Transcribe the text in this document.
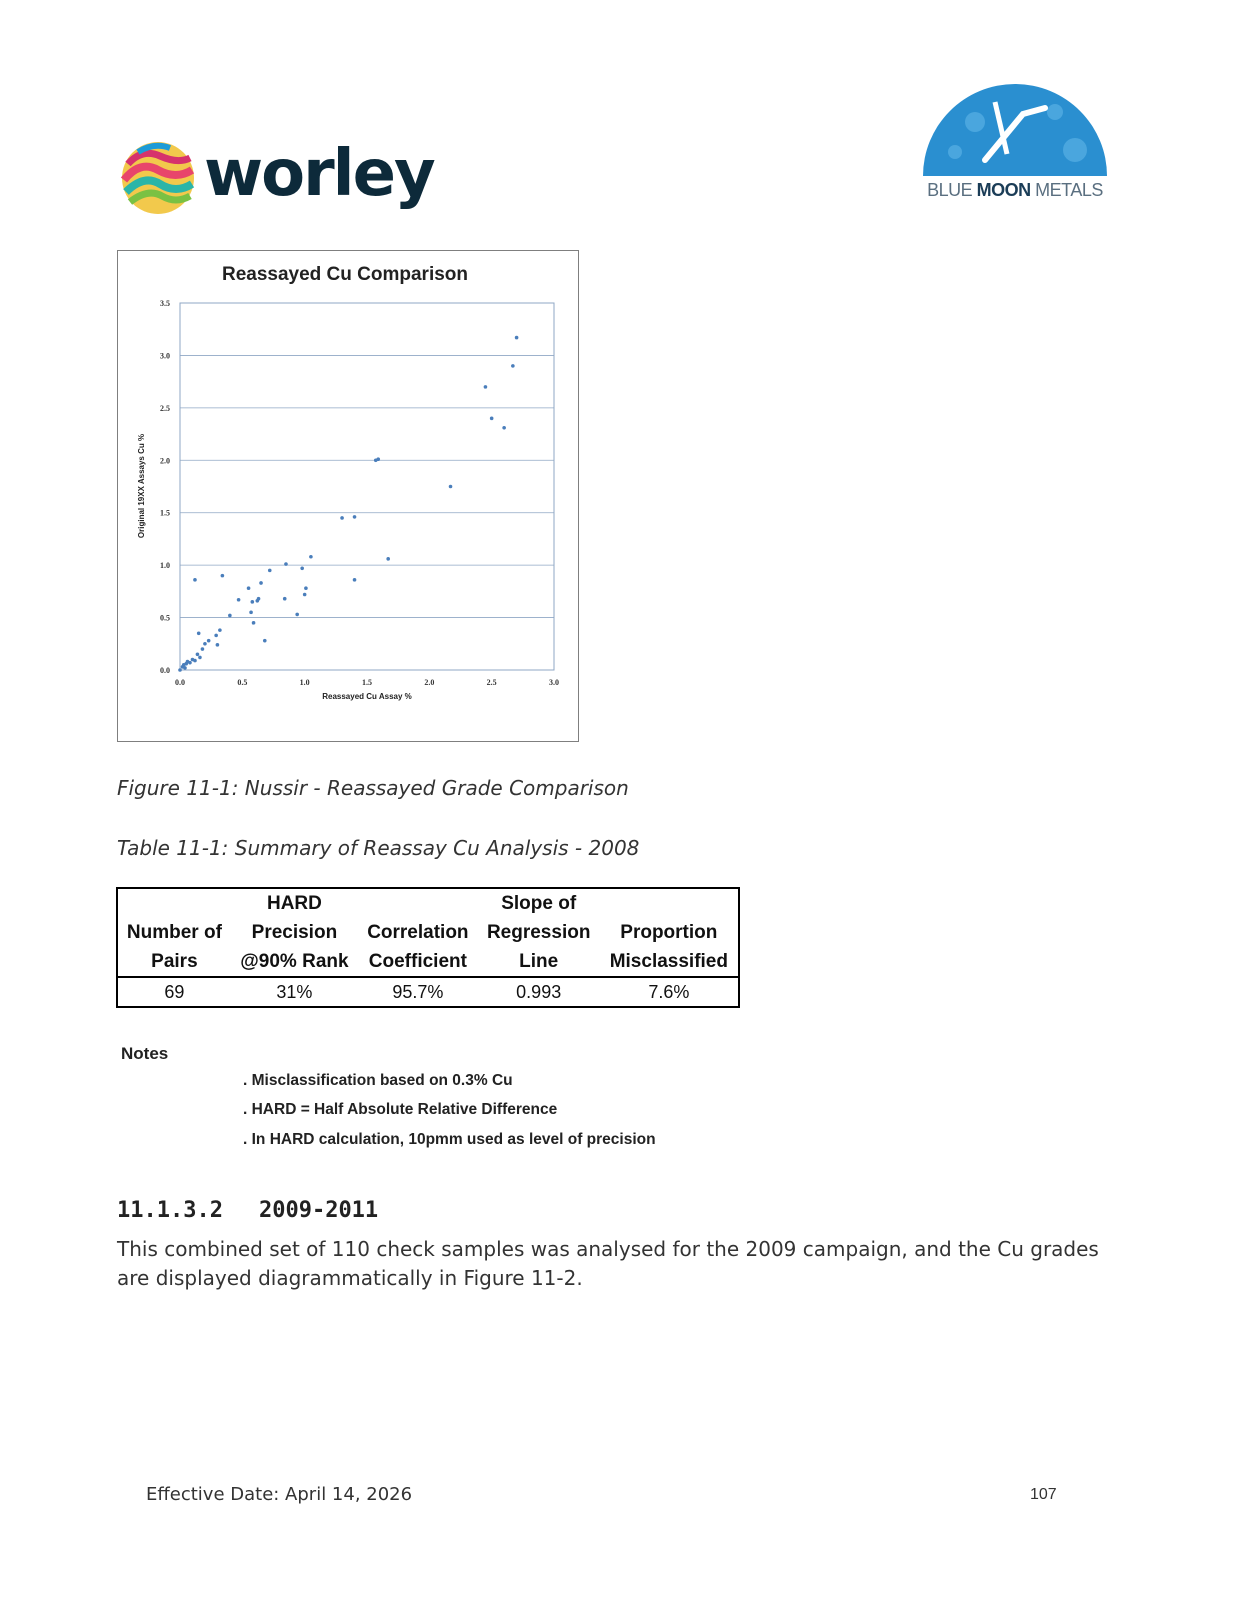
worley	BLUE MOON METALS
Reassayed Cu Comparison
0.0
0.5
1.0
1.5
2.0
2.5
3.0
3.5
0.0	0.5	1.0	1.5	2.0	2.5	3.0
Reassayed Cu Assay %
Original 19XX Assays Cu %
Figure 11-1: Nussir - Reassayed Grade Comparison
Table 11-1: Summary of Reassay Cu Analysis - 2008
	HARD		Slope of	
Number of	Precision	Correlation	Regression	Proportion
Pairs	@90% Rank	Coefficient	Line	Misclassified
69	31%	95.7%	0.993	7.6%
Notes
. Misclassification based on 0.3% Cu
. HARD = Half Absolute Relative Difference
. In HARD calculation, 10pmm used as level of precision
11.1.3.2 2009-2011
This combined set of 110 check samples was analysed for the 2009 campaign, and the Cu grades are displayed diagrammatically in Figure 11-2.
Effective Date: April 14, 2026	107
